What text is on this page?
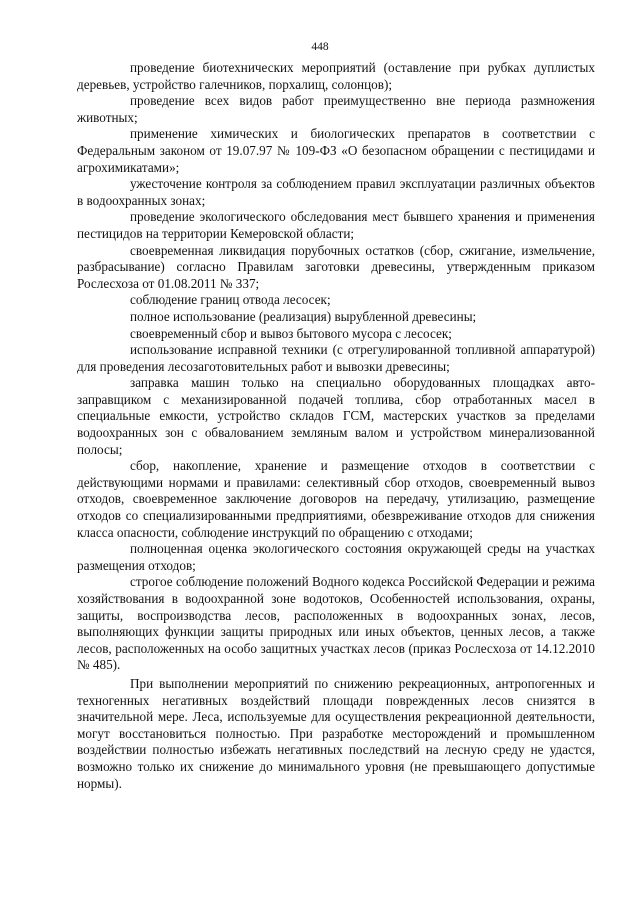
448

проведение биотехнических мероприятий (оставление при рубках дуплистых деревьев, устройство галечников, порхалищ, солонцов);

проведение всех видов работ преимущественно вне периода размножения животных;

применение химических и биологических препаратов в соответствии с Федеральным законом от 19.07.97 № 109-ФЗ «О безопасном обращении с пестицидами и агрохимикатами»;

ужесточение контроля за соблюдением правил эксплуатации различных объектов в водоохранных зонах;

проведение экологического обследования мест бывшего хранения и применения пестицидов на территории Кемеровской области;

своевременная ликвидация порубочных остатков (сбор, сжигание, измельчение, разбрасывание) согласно Правилам заготовки древесины, утвержденным приказом Рослесхоза от 01.08.2011 № 337;

соблюдение границ отвода лесосек;

полное использование (реализация) вырубленной древесины;

своевременный сбор и вывоз бытового мусора с лесосек;

использование исправной техники (с отрегулированной топливной аппаратурой) для проведения лесозаготовительных работ и вывозки древесины;

заправка машин только на специально оборудованных площадках автозаправщиком с механизированной подачей топлива, сбор отработанных масел в специальные емкости, устройство складов ГСМ, мастерских участков за пределами водоохранных зон с обвалованием земляным валом и устройством минерализованной полосы;

сбор, накопление, хранение и размещение отходов в соответствии с действующими нормами и правилами: селективный сбор отходов, своевременный вывоз отходов, своевременное заключение договоров на передачу, утилизацию, размещение отходов со специализированными предприятиями, обезвреживание отходов для снижения класса опасности, соблюдение инструкций по обращению с отходами;

полноценная оценка экологического состояния окружающей среды на участках размещения отходов;

строгое соблюдение положений Водного кодекса Российской Федерации и режима хозяйствования в водоохранной зоне водотоков, Особенностей использования, охраны, защиты, воспроизводства лесов, расположенных в водоохранных зонах, лесов, выполняющих функции защиты природных или иных объектов, ценных лесов, а также лесов, расположенных на особо защитных участках лесов (приказ Рослесхоза от 14.12.2010 № 485).

При выполнении мероприятий по снижению рекреационных, антропогенных и техногенных негативных воздействий площади поврежденных лесов снизятся в значительной мере. Леса, используемые для осуществления рекреационной деятельности, могут восстановиться полностью. При разработке месторождений и промышленном воздействии полностью избежать негативных последствий на лесную среду не удастся, возможно только их снижение до минимального уровня (не превышающего допустимые нормы).
